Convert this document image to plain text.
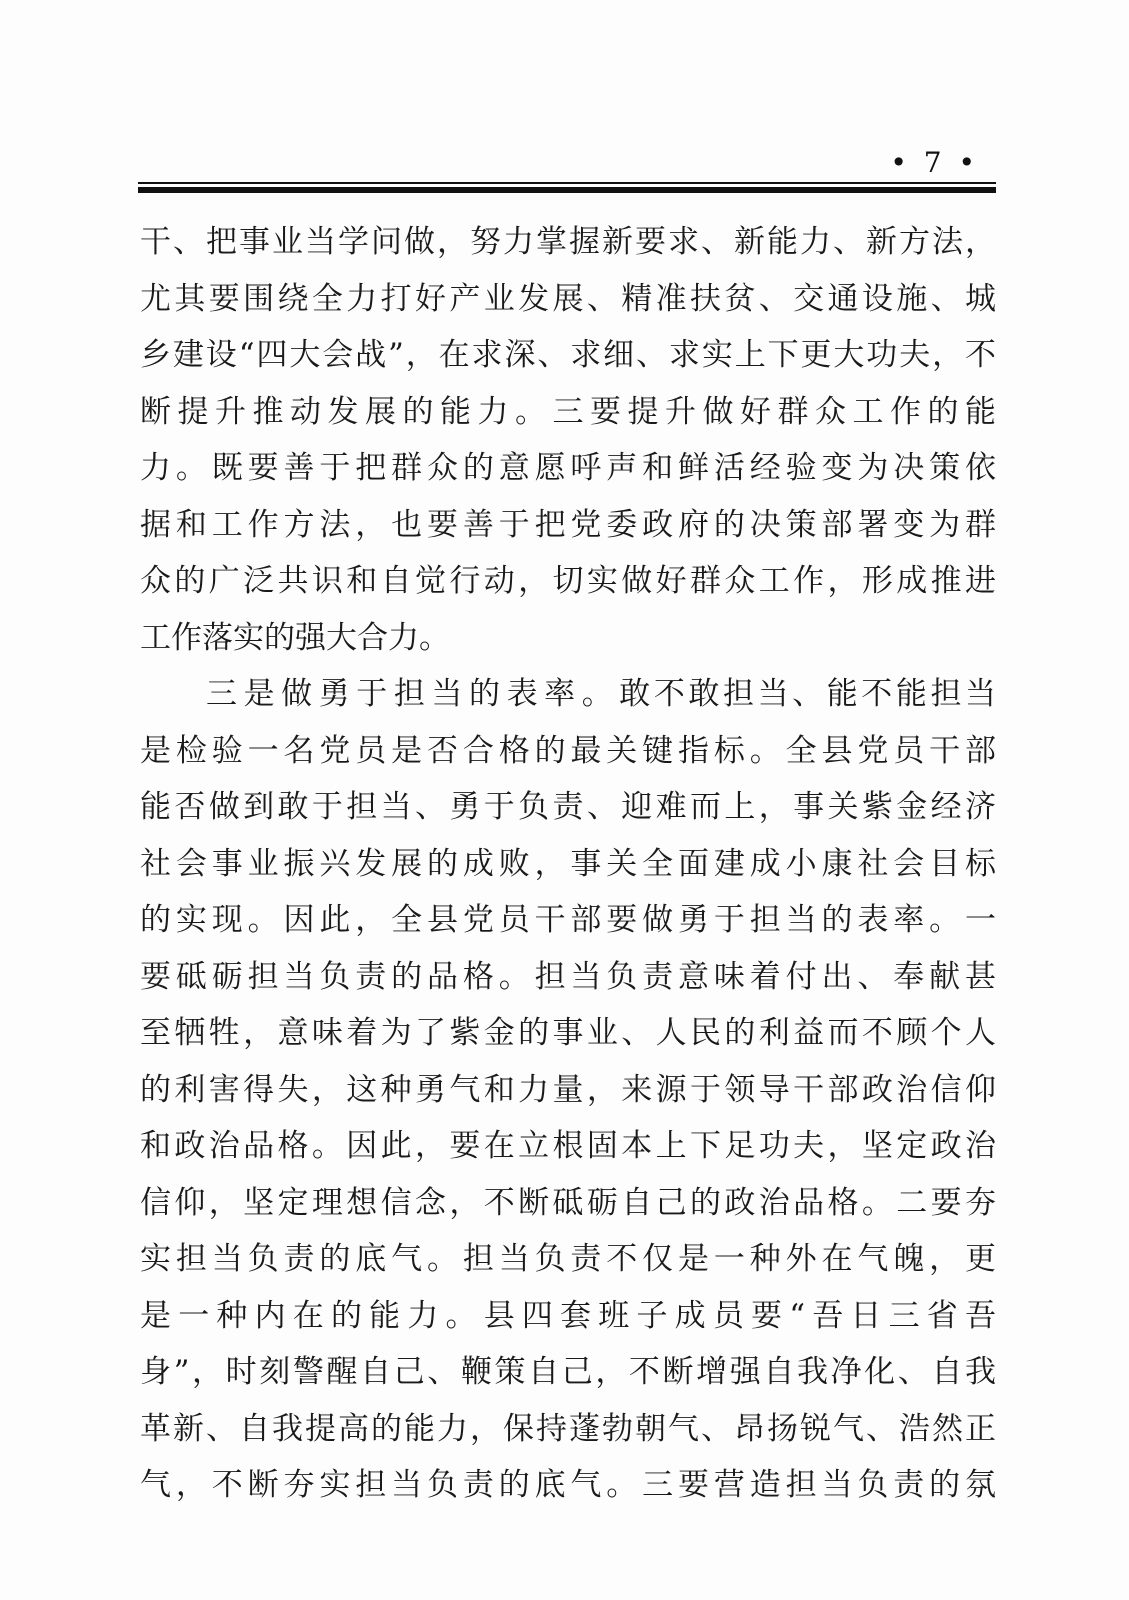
• 7 •
干、把事业当学问做，努力掌握新要求、新能力、新方法，
尤其要围绕全力打好产业发展、精准扶贫、交通设施、城
乡建设“四大会战”，在求深、求细、求实上下更大功夫，不
断提升推动发展的能力。三要提升做好群众工作的能
力。既要善于把群众的意愿呼声和鲜活经验变为决策依
据和工作方法，也要善于把党委政府的决策部署变为群
众的广泛共识和自觉行动，切实做好群众工作，形成推进
工作落实的强大合力。
三是做勇于担当的表率。敢不敢担当、能不能担当
是检验一名党员是否合格的最关键指标。全县党员干部
能否做到敢于担当、勇于负责、迎难而上，事关紫金经济
社会事业振兴发展的成败，事关全面建成小康社会目标
的实现。因此，全县党员干部要做勇于担当的表率。一
要砥砺担当负责的品格。担当负责意味着付出、奉献甚
至牺牲，意味着为了紫金的事业、人民的利益而不顾个人
的利害得失，这种勇气和力量，来源于领导干部政治信仰
和政治品格。因此，要在立根固本上下足功夫，坚定政治
信仰，坚定理想信念，不断砥砺自己的政治品格。二要夯
实担当负责的底气。担当负责不仅是一种外在气魄，更
是一种内在的能力。县四套班子成员要“吾日三省吾
身”，时刻警醒自己、鞭策自己，不断增强自我净化、自我
革新、自我提高的能力，保持蓬勃朝气、昂扬锐气、浩然正
气，不断夯实担当负责的底气。三要营造担当负责的氛
